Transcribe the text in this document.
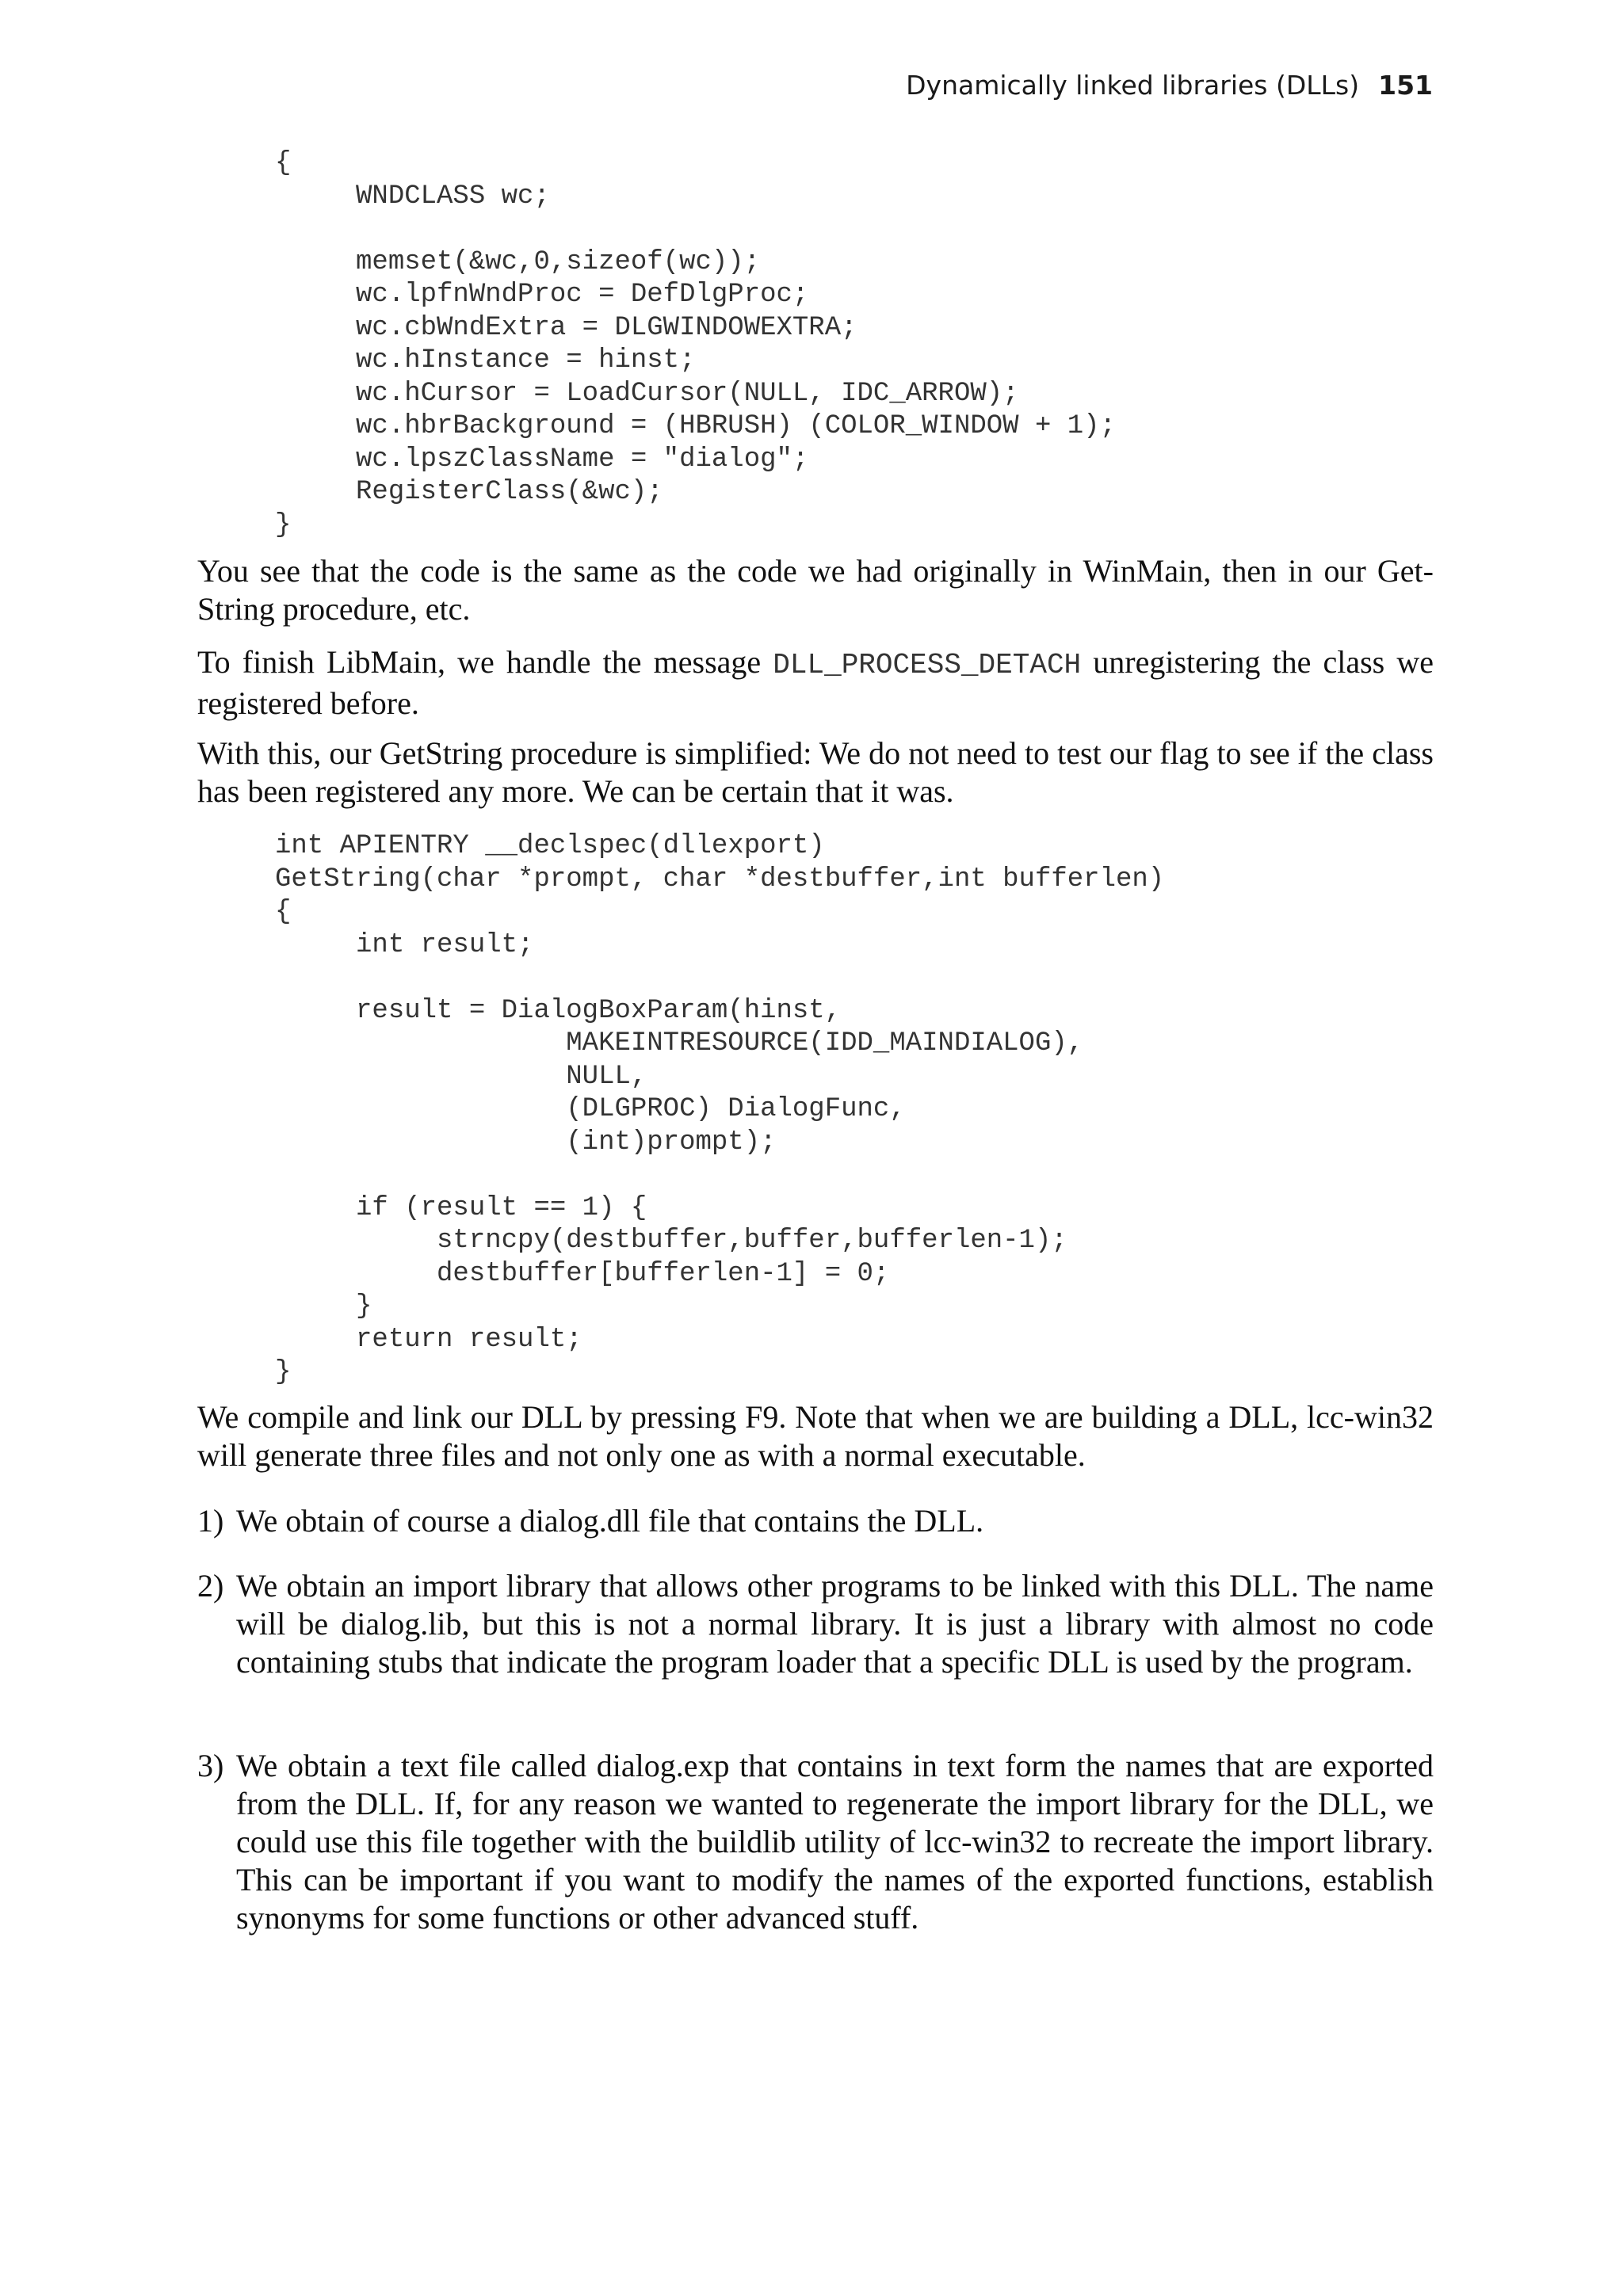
Dynamically linked libraries (DLLs) 151
{
WNDCLASS wc;

memset(&wc,0,sizeof(wc));
wc.lpfnWndProc = DefDlgProc;
wc.cbWndExtra = DLGWINDOWEXTRA;
wc.hInstance = hinst;
wc.hCursor = LoadCursor(NULL, IDC_ARROW);
wc.hbrBackground = (HBRUSH) (COLOR_WINDOW + 1);
wc.lpszClassName = "dialog";
RegisterClass(&wc);
}

You see that the code is the same as the code we had originally in WinMain, then in our Get-String procedure, etc.

To finish LibMain, we handle the message DLL_PROCESS_DETACH unregistering the class we registered before.

With this, our GetString procedure is simplified: We do not need to test our flag to see if the class has been registered any more. We can be certain that it was.

int APIENTRY __declspec(dllexport)
GetString(char *prompt, char *destbuffer,int bufferlen)
{
int result;

result = DialogBoxParam(hinst,
MAKEINTRESOURCE(IDD_MAINDIALOG),
NULL,
(DLGPROC) DialogFunc,
(int)prompt);

if (result == 1) {
strncpy(destbuffer,buffer,bufferlen-1);
destbuffer[bufferlen-1] = 0;
}
return result;
}

We compile and link our DLL by pressing F9. Note that when we are building a DLL, lcc-win32 will generate three files and not only one as with a normal executable.

1) We obtain of course a dialog.dll file that contains the DLL.

2) We obtain an import library that allows other programs to be linked with this DLL. The name will be dialog.lib, but this is not a normal library. It is just a library with almost no code containing stubs that indicate the program loader that a specific DLL is used by the program.

3) We obtain a text file called dialog.exp that contains in text form the names that are exported from the DLL. If, for any reason we wanted to regenerate the import library for the DLL, we could use this file together with the buildlib utility of lcc-win32 to recreate the import library. This can be important if you want to modify the names of the exported functions, establish synonyms for some functions or other advanced stuff.
